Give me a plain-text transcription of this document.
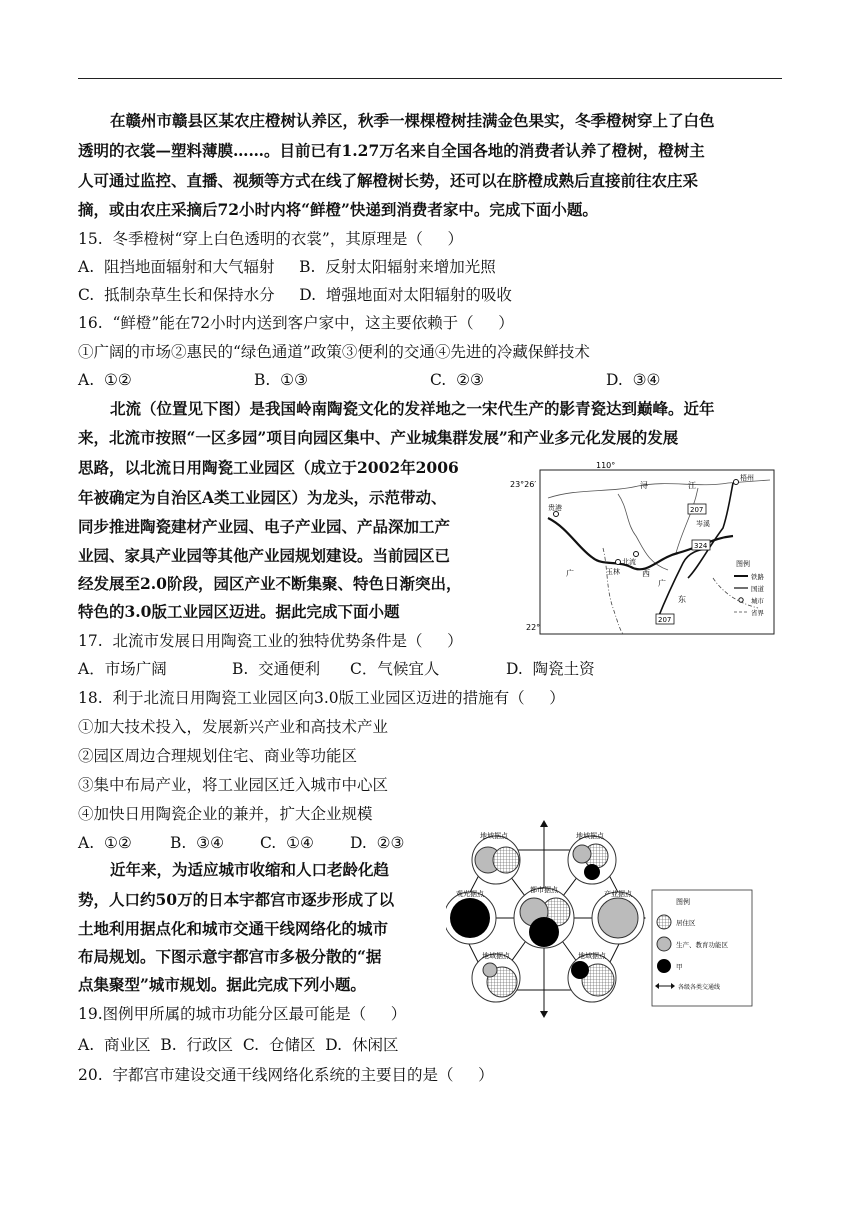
在赣州市赣县区某农庄橙树认养区，秋季一棵棵橙树挂满金色果实，冬季橙树穿上了白色
透明的衣裳—塑料薄膜……。目前已有1.27万名来自全国各地的消费者认养了橙树，橙树主
人可通过监控、直播、视频等方式在线了解橙树长势，还可以在脐橙成熟后直接前往农庄采
摘，或由农庄采摘后72小时内将“鲜橙”快递到消费者家中。完成下面小题。
15.  冬季橙树“穿上白色透明的衣裳”，其原理是（     ）
A.  阻挡地面辐射和大气辐射     B.  反射太阳辐射来增加光照
C.  抵制杂草生长和保持水分     D.  增强地面对太阳辐射的吸收
16.  “鲜橙”能在72小时内送到客户家中，这主要依赖于（     ）
①广阔的市场②惠民的“绿色通道”政策③便利的交通④先进的冷藏保鲜技术
A.  ①②	B.  ①③	C.  ②③	D.  ③④
北流（位置见下图）是我国岭南陶瓷文化的发祥地之一宋代生产的影青瓷达到巅峰。近年
来，北流市按照“一区多园”项目向园区集中、产业城集群发展”和产业多元化发展的发展
思路，以北流日用陶瓷工业园区（成立于2002年2006
年被确定为自治区A类工业园区）为龙头，示范带动、
同步推进陶瓷建材产业园、电子产业园、产品深加工产
业园、家具产业园等其他产业园规划建设。当前园区已
经发展至2.0阶段，园区产业不断集聚、特色日渐突出，
特色的3.0版工业园区迈进。据此完成下面小题
110°
23°26′
22°
梧州
贵港
北流
玉林
岑溪
广	西
东
江
广
浔
207
324
207
图例
铁路
国道
城市
省界
17.  北流市发展日用陶瓷工业的独特优势条件是（     ）
A．市场广阔	B.  交通便利 C．气候宜人	D.  陶瓷土资
18.  利于北流日用陶瓷工业园区向3.0版工业园区迈进的措施有（     ）
①加大技术投入，发展新兴产业和高技术产业
②园区周边合理规划住宅、商业等功能区
③集中布局产业，将工业园区迁入城市中心区
④加快日用陶瓷企业的兼并，扩大企业规模
A.  ①② B.  ③④ C.  ①④ D.  ②③
近年来，为适应城市收缩和人口老龄化趋
势，人口约50万的日本宇都宫市逐步形成了以
土地利用据点化和城市交通干线网络化的城市
布局规划。下图示意宇都宫市多极分散的“据
点集聚型”城市规划。据此完成下列小题。
地域据点	地域据点
观光据点	都市据点	产业据点
地域据点	地域据点
图例
居住区
生产、教育功能区
甲
各级各类交通线
19.图例甲所属的城市功能分区最可能是（     ）
A.  商业区  B.  行政区  C.  仓储区  D.  休闲区
20.  宇都宫市建设交通干线网络化系统的主要目的是（     ）
